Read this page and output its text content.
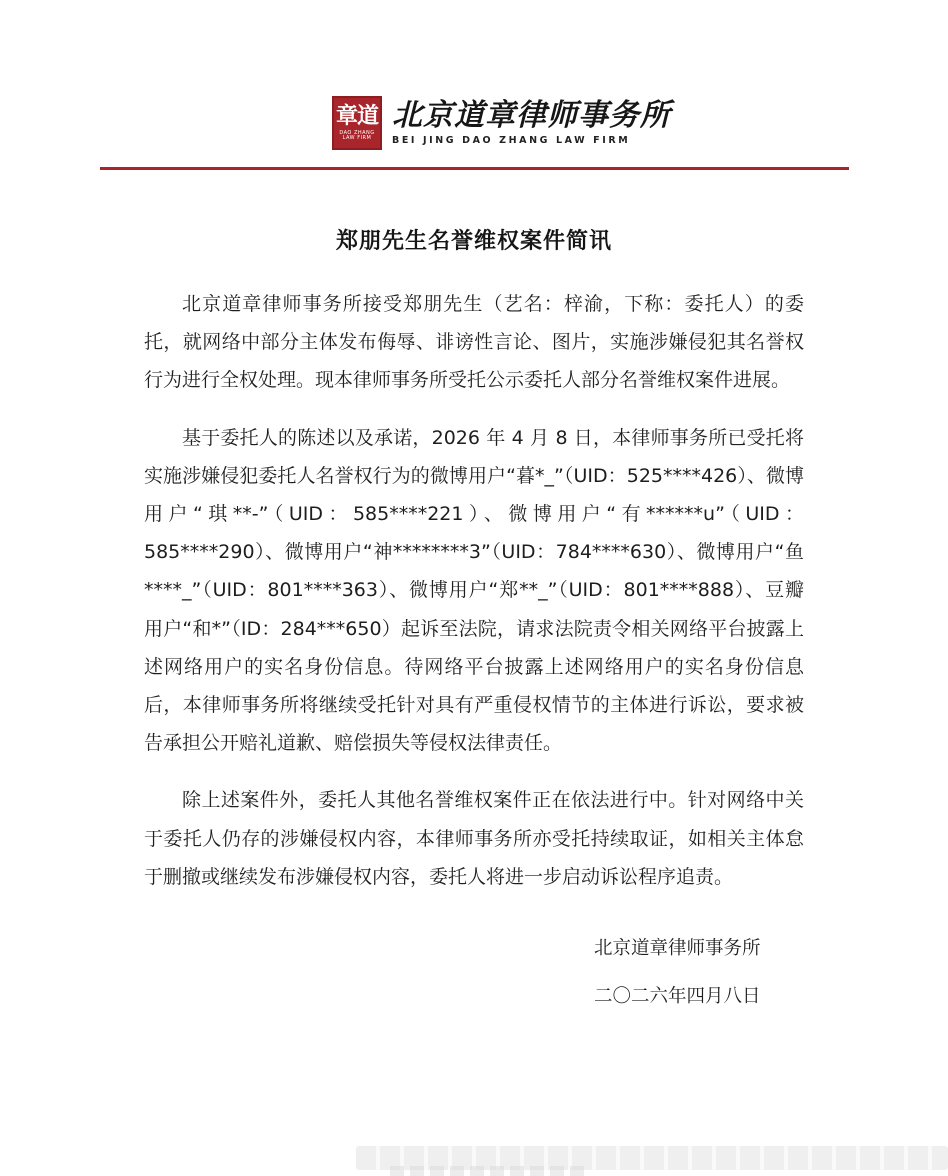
章道
DAO ZHANG LAW FIRM
北京道章律师事务所
BEI JING DAO ZHANG LAW FIRM
郑朋先生名誉维权案件简讯

北京道章律师事务所接受郑朋先生（艺名：梓渝，下称：委托人）的委托，就网络中部分主体发布侮辱、诽谤性言论、图片，实施涉嫌侵犯其名誉权行为进行全权处理。现本律师事务所受托公示委托人部分名誉维权案件进展。

基于委托人的陈述以及承诺，2026 年 4 月 8 日，本律师事务所已受托将实施涉嫌侵犯委托人名誉权行为的微博用户“暮*_”（UID：525****426）、微博用户“琪**-”（UID：585****221）、微博用户“有******u”（UID：585****290）、微博用户“神********3”（UID：784****630）、微博用户“鱼****_”（UID：801****363）、微博用户“郑**_”（UID：801****888）、豆瓣用户“和*”（ID：284***650）起诉至法院，请求法院责令相关网络平台披露上述网络用户的实名身份信息。待网络平台披露上述网络用户的实名身份信息后，本律师事务所将继续受托针对具有严重侵权情节的主体进行诉讼，要求被告承担公开赔礼道歉、赔偿损失等侵权法律责任。

除上述案件外，委托人其他名誉维权案件正在依法进行中。针对网络中关于委托人仍存的涉嫌侵权内容，本律师事务所亦受托持续取证，如相关主体怠于删撤或继续发布涉嫌侵权内容，委托人将进一步启动诉讼程序追责。

北京道章律师事务所
二〇二六年四月八日
